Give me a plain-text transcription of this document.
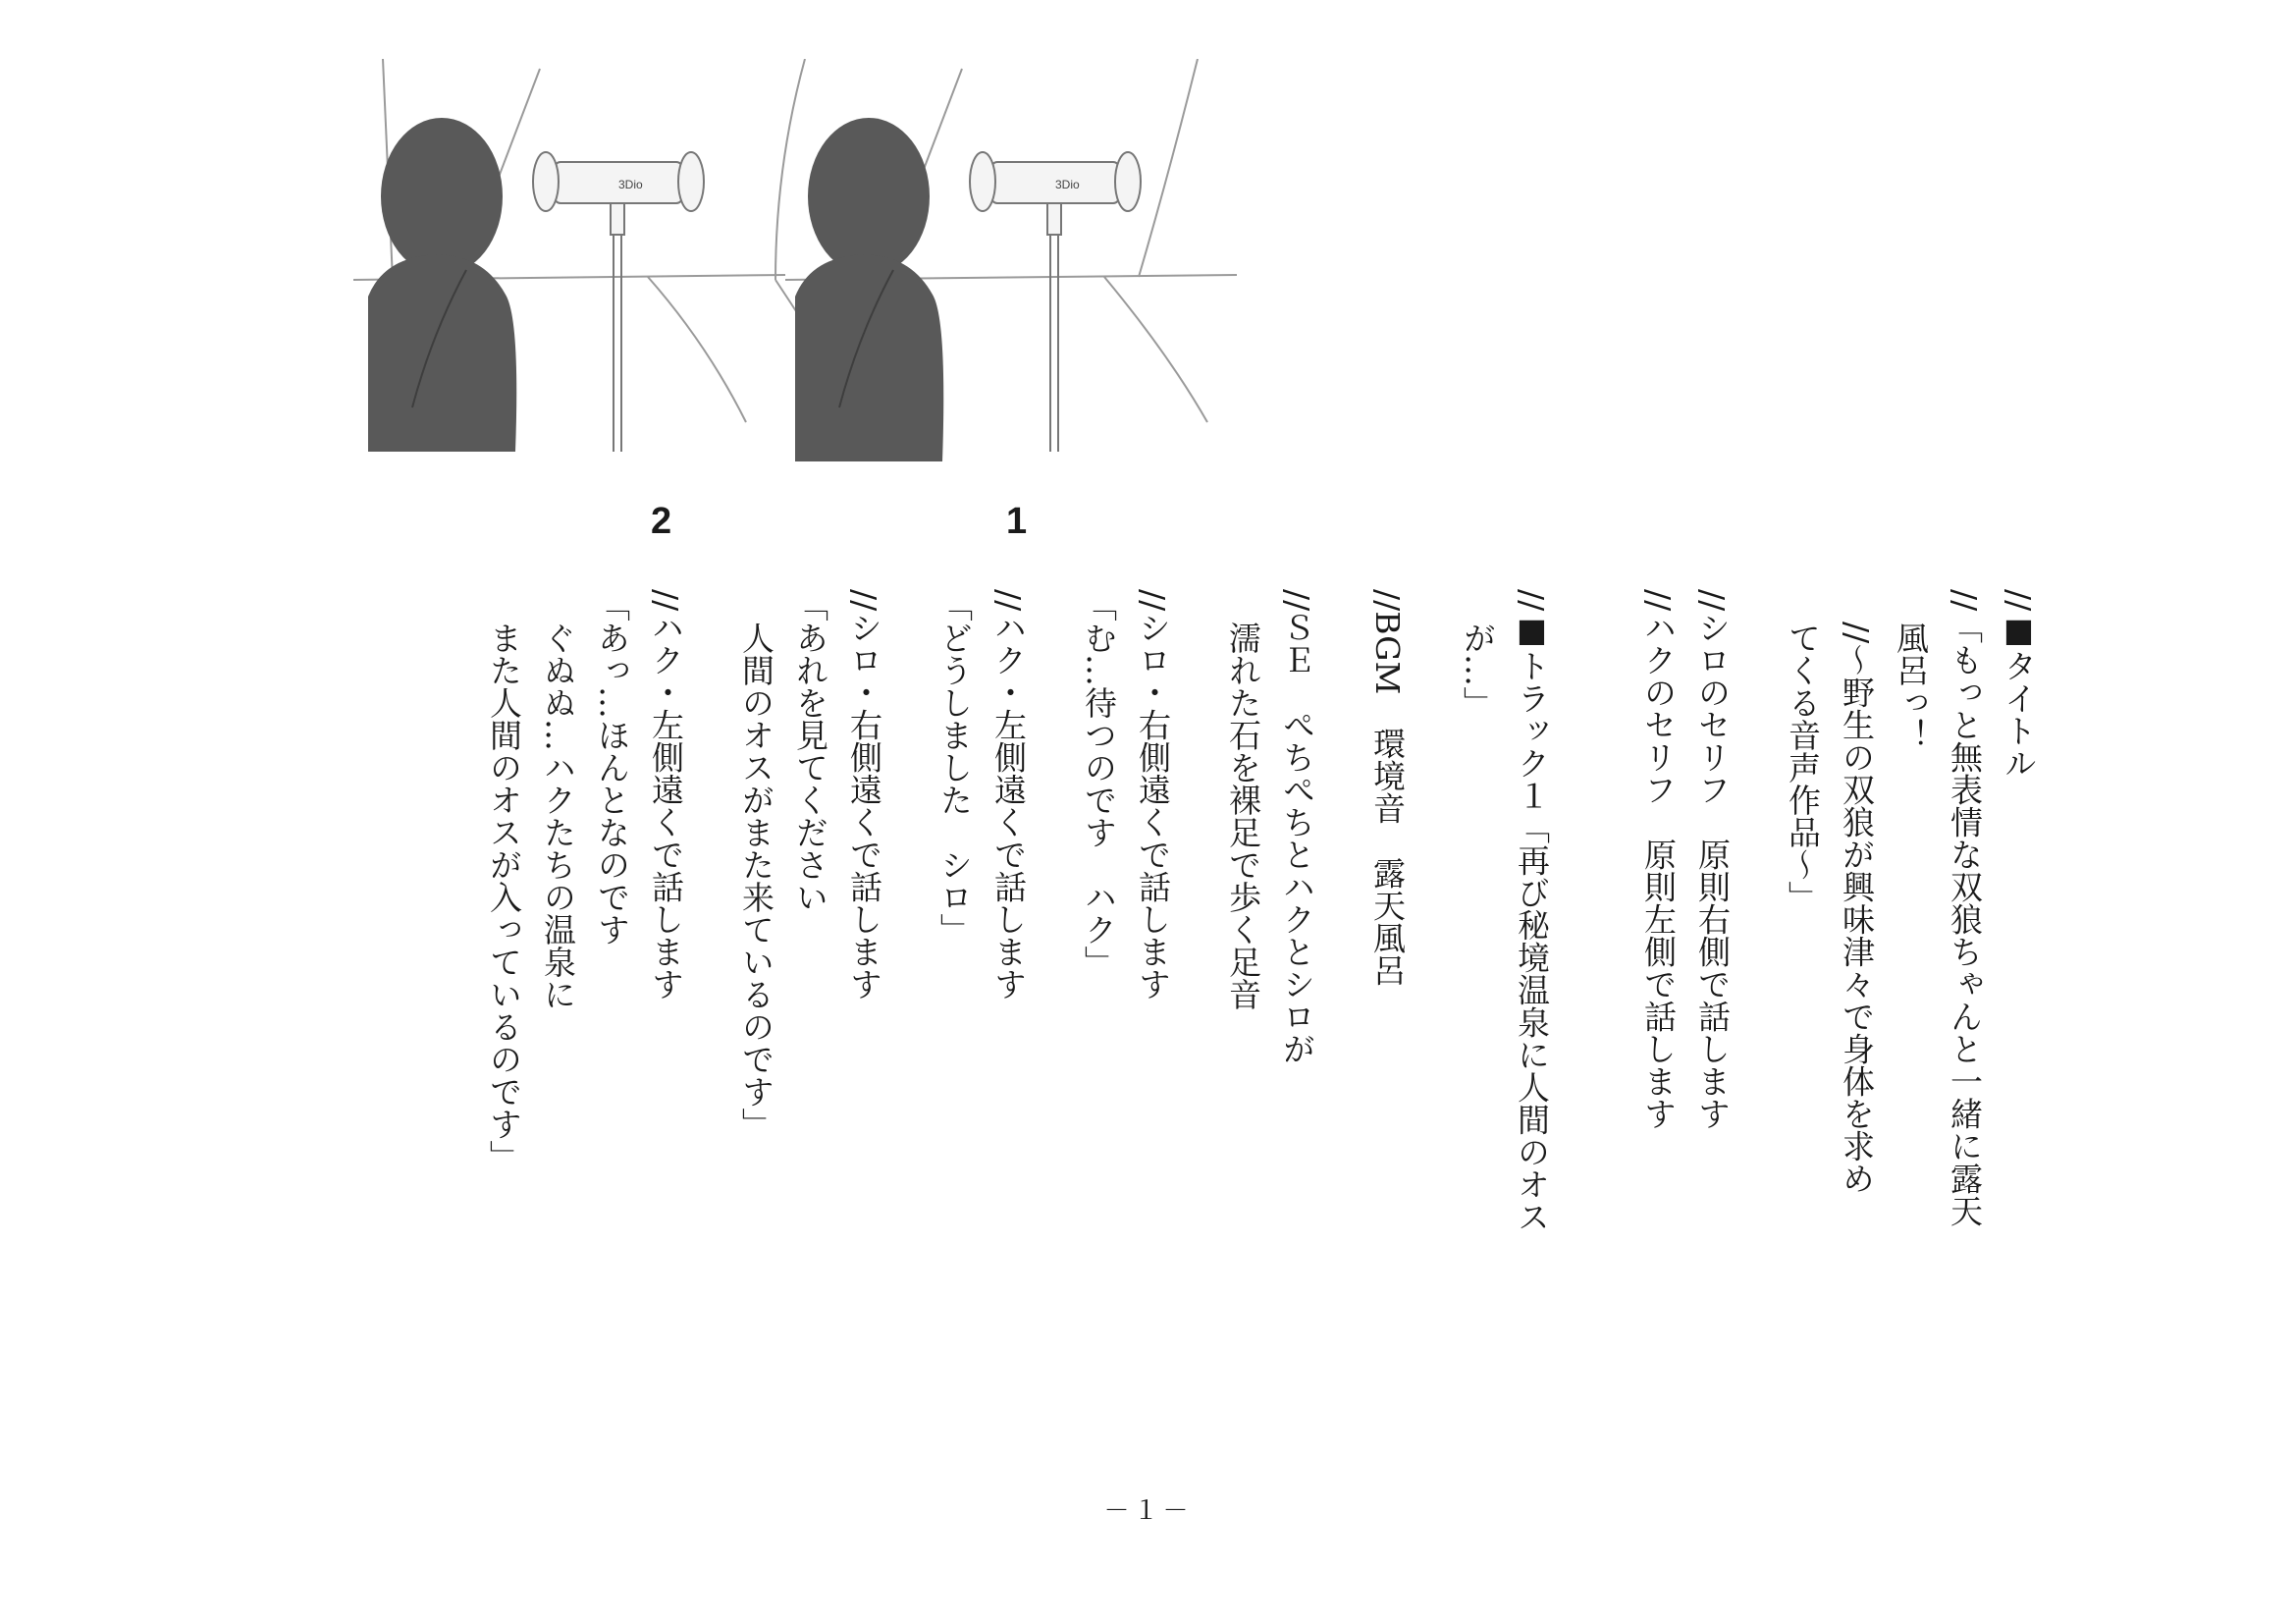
3Dio	3Dio
2	1
//■タイトル
//「もっと無表情な双狼ちゃんと一緒に露天
風呂っ！
//～野生の双狼が興味津々で身体を求め
てくる音声作品～」
//シロのセリフ　原則右側で話します
//ハクのセリフ　原則左側で話します
//■トラック１「再び秘境温泉に人間のオス
が…」
//BGM　環境音　露天風呂
//ＳＥ　ぺちぺちとハクとシロが
濡れた石を裸足で歩く足音
//シロ・右側遠くで話します
「む…待つのです　ハク」
//ハク・左側遠くで話します
「どうしました　シロ」
//シロ・右側遠くで話します
「あれを見てください
人間のオスがまた来ているのです」
//ハク・左側遠くで話します
「あっ…ほんとなのです
ぐぬぬ…ハクたちの温泉に
また人間のオスが入っているのです」
－１－
